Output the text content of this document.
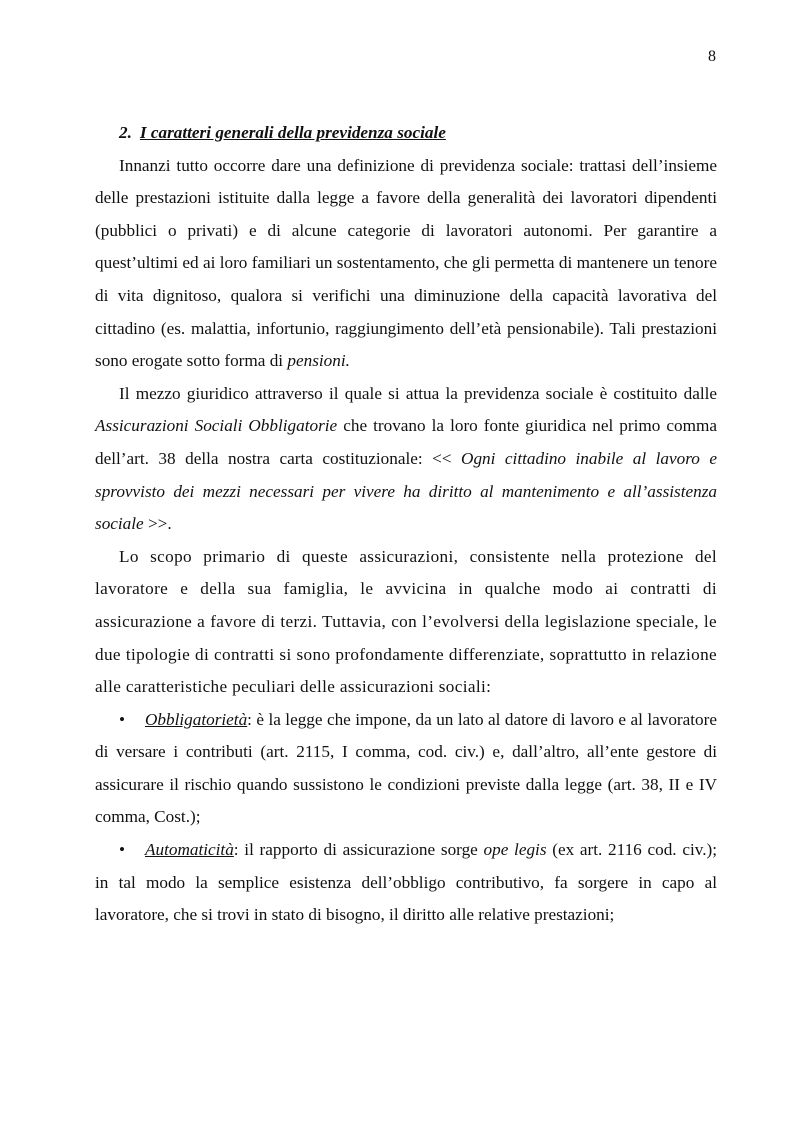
8

2. I caratteri generali della previdenza sociale

Innanzi tutto occorre dare una definizione di previdenza sociale: trattasi dell’insieme delle prestazioni istituite dalla legge a favore della generalità dei lavoratori dipendenti (pubblici o privati) e di alcune categorie di lavoratori autonomi. Per garantire a quest’ultimi ed ai loro familiari un sostentamento, che gli permetta di mantenere un tenore di vita dignitoso, qualora si verifichi una diminuzione della capacità lavorativa del cittadino (es. malattia, infortunio, raggiungimento dell’età pensionabile). Tali prestazioni sono erogate sotto forma di pensioni.

Il mezzo giuridico attraverso il quale si attua la previdenza sociale è costituito dalle Assicurazioni Sociali Obbligatorie che trovano la loro fonte giuridica nel primo comma dell’art. 38 della nostra carta costituzionale: << Ogni cittadino inabile al lavoro e sprovvisto dei mezzi necessari per vivere ha diritto al mantenimento e all’assistenza sociale >>.

Lo scopo primario di queste assicurazioni, consistente nella protezione del lavoratore e della sua famiglia, le avvicina in qualche modo ai contratti di assicurazione a favore di terzi. Tuttavia, con l’evolversi della legislazione speciale, le due tipologie di contratti si sono profondamente differenziate, soprattutto in relazione alle caratteristiche peculiari delle assicurazioni sociali:

• Obbligatorietà: è la legge che impone, da un lato al datore di lavoro e al lavoratore di versare i contributi (art. 2115, I comma, cod. civ.) e, dall’altro, all’ente gestore di assicurare il rischio quando sussistono le condizioni previste dalla legge (art. 38, II e IV comma, Cost.);

• Automaticità: il rapporto di assicurazione sorge ope legis (ex art. 2116 cod. civ.); in tal modo la semplice esistenza dell’obbligo contributivo, fa sorgere in capo al lavoratore, che si trovi in stato di bisogno, il diritto alle relative prestazioni;
